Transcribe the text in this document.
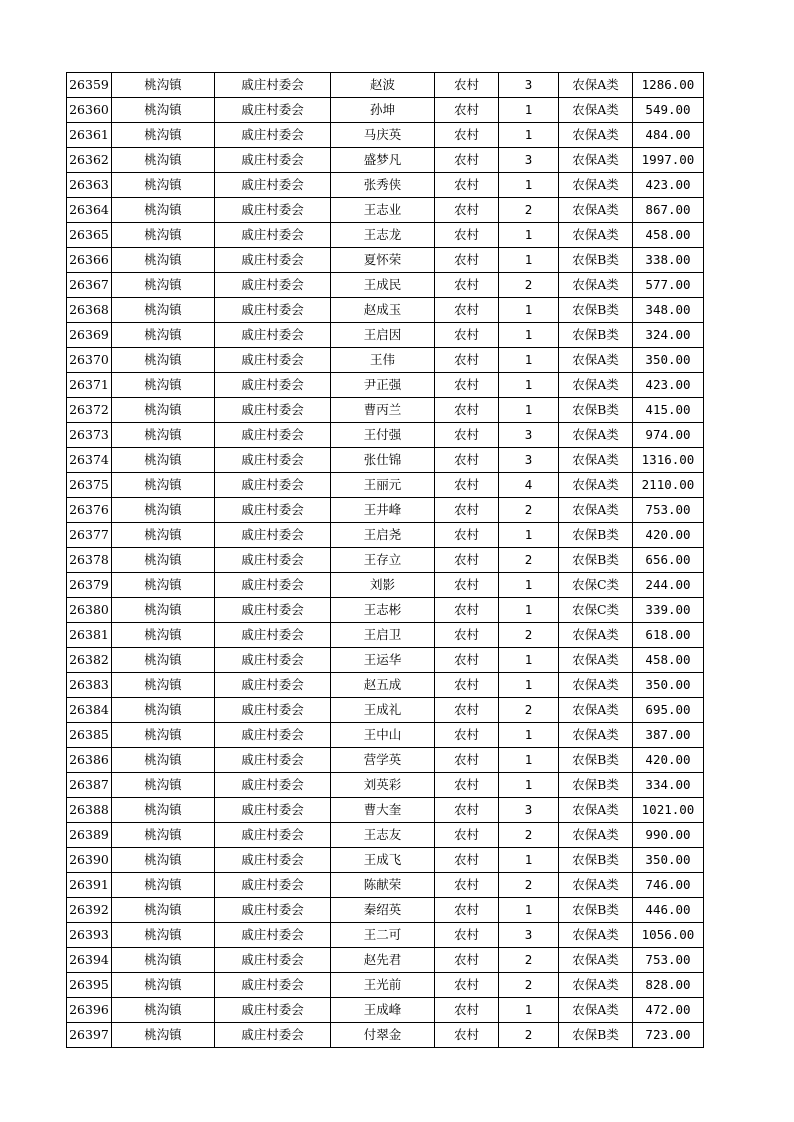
26359	桃沟镇	戚庄村委会	赵波	农村	3	农保A类	1286.00
26360	桃沟镇	戚庄村委会	孙坤	农村	1	农保A类	549.00
26361	桃沟镇	戚庄村委会	马庆英	农村	1	农保A类	484.00
26362	桃沟镇	戚庄村委会	盛梦凡	农村	3	农保A类	1997.00
26363	桃沟镇	戚庄村委会	张秀侠	农村	1	农保A类	423.00
26364	桃沟镇	戚庄村委会	王志业	农村	2	农保A类	867.00
26365	桃沟镇	戚庄村委会	王志龙	农村	1	农保A类	458.00
26366	桃沟镇	戚庄村委会	夏怀荣	农村	1	农保B类	338.00
26367	桃沟镇	戚庄村委会	王成民	农村	2	农保A类	577.00
26368	桃沟镇	戚庄村委会	赵成玉	农村	1	农保B类	348.00
26369	桃沟镇	戚庄村委会	王启因	农村	1	农保B类	324.00
26370	桃沟镇	戚庄村委会	王伟	农村	1	农保A类	350.00
26371	桃沟镇	戚庄村委会	尹正强	农村	1	农保A类	423.00
26372	桃沟镇	戚庄村委会	曹丙兰	农村	1	农保B类	415.00
26373	桃沟镇	戚庄村委会	王付强	农村	3	农保A类	974.00
26374	桃沟镇	戚庄村委会	张仕锦	农村	3	农保A类	1316.00
26375	桃沟镇	戚庄村委会	王丽元	农村	4	农保A类	2110.00
26376	桃沟镇	戚庄村委会	王井峰	农村	2	农保A类	753.00
26377	桃沟镇	戚庄村委会	王启尧	农村	1	农保B类	420.00
26378	桃沟镇	戚庄村委会	王存立	农村	2	农保B类	656.00
26379	桃沟镇	戚庄村委会	刘影	农村	1	农保C类	244.00
26380	桃沟镇	戚庄村委会	王志彬	农村	1	农保C类	339.00
26381	桃沟镇	戚庄村委会	王启卫	农村	2	农保A类	618.00
26382	桃沟镇	戚庄村委会	王运华	农村	1	农保A类	458.00
26383	桃沟镇	戚庄村委会	赵五成	农村	1	农保A类	350.00
26384	桃沟镇	戚庄村委会	王成礼	农村	2	农保A类	695.00
26385	桃沟镇	戚庄村委会	王中山	农村	1	农保A类	387.00
26386	桃沟镇	戚庄村委会	营学英	农村	1	农保B类	420.00
26387	桃沟镇	戚庄村委会	刘英彩	农村	1	农保B类	334.00
26388	桃沟镇	戚庄村委会	曹大奎	农村	3	农保A类	1021.00
26389	桃沟镇	戚庄村委会	王志友	农村	2	农保A类	990.00
26390	桃沟镇	戚庄村委会	王成飞	农村	1	农保B类	350.00
26391	桃沟镇	戚庄村委会	陈献荣	农村	2	农保A类	746.00
26392	桃沟镇	戚庄村委会	秦绍英	农村	1	农保B类	446.00
26393	桃沟镇	戚庄村委会	王二可	农村	3	农保A类	1056.00
26394	桃沟镇	戚庄村委会	赵先君	农村	2	农保A类	753.00
26395	桃沟镇	戚庄村委会	王光前	农村	2	农保A类	828.00
26396	桃沟镇	戚庄村委会	王成峰	农村	1	农保A类	472.00
26397	桃沟镇	戚庄村委会	付翠金	农村	2	农保B类	723.00
